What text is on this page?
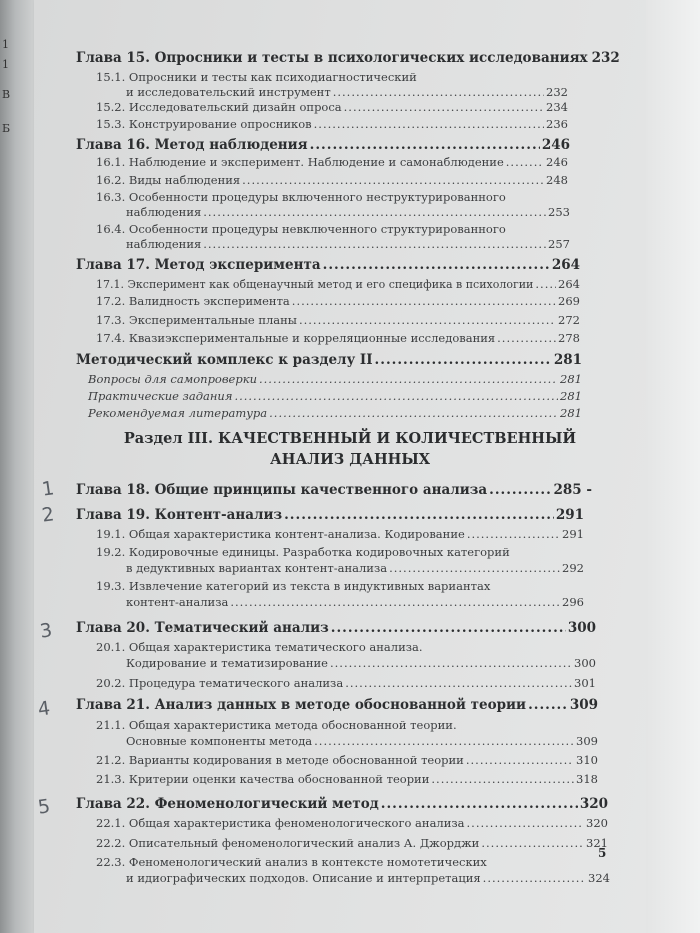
1
1
B
Б
Глава 15. Опросники и тесты в психологических исследованиях 232
15.1. Опросники и тесты как психодиагностический
и исследовательский инструмент .....	232
15.2. Исследовательский дизайн опроса .....	234
15.3. Конструирование опросников .....	236
Глава 16. Метод наблюдения .....	246
16.1. Наблюдение и эксперимент. Наблюдение и самонаблюдение .....	246
16.2. Виды наблюдения .....	248
16.3. Особенности процедуры включенного неструктурированного
наблюдения .....	253
16.4. Особенности процедуры невключенного структурированного
наблюдения .....	257
Глава 17. Метод эксперимента .....	264
17.1. Эксперимент как общенаучный метод и его специфика в психологии ..... 264
17.2. Валидность эксперимента .....	269
17.3. Экспериментальные планы .....	272
17.4. Квазиэкспериментальные и корреляционные исследования .....	278
Методический комплекс к разделу II .....	281
Вопросы для самопроверки .....	281
Практические задания .....	281
Рекомендуемая литература .....	281
Раздел III. КАЧЕСТВЕННЫЙ И КОЛИЧЕСТВЕННЫЙ
АНАЛИЗ ДАННЫХ
1 Глава 18. Общие принципы качественного анализа .....	285 -
2 Глава 19. Контент-анализ .....	291
19.1. Общая характеристика контент-анализа. Кодирование .....	291
19.2. Кодировочные единицы. Разработка кодировочных категорий
в дедуктивных вариантах контент-анализа .....	292
19.3. Извлечение категорий из текста в индуктивных вариантах
контент-анализа .....	296
3 Глава 20. Тематический анализ .....	300
20.1. Общая характеристика тематического анализа.
Кодирование и тематизирование .....	300
20.2. Процедура тематического анализа .....	301
4 Глава 21. Анализ данных в методе обоснованной теории .....	309
21.1. Общая характеристика метода обоснованной теории.
Основные компоненты метода .....	309
21.2. Варианты кодирования в методе обоснованной теории .....	310
21.3. Критерии оценки качества обоснованной теории .....	318
5 Глава 22. Феноменологический метод .....	320
22.1. Общая характеристика феноменологического анализа .....	320
22.2. Описательный феноменологический анализ А. Джорджи .....	321
22.3. Феноменологический анализ в контексте номотетических
и идиографических подходов. Описание и интерпретация .....	324
5
